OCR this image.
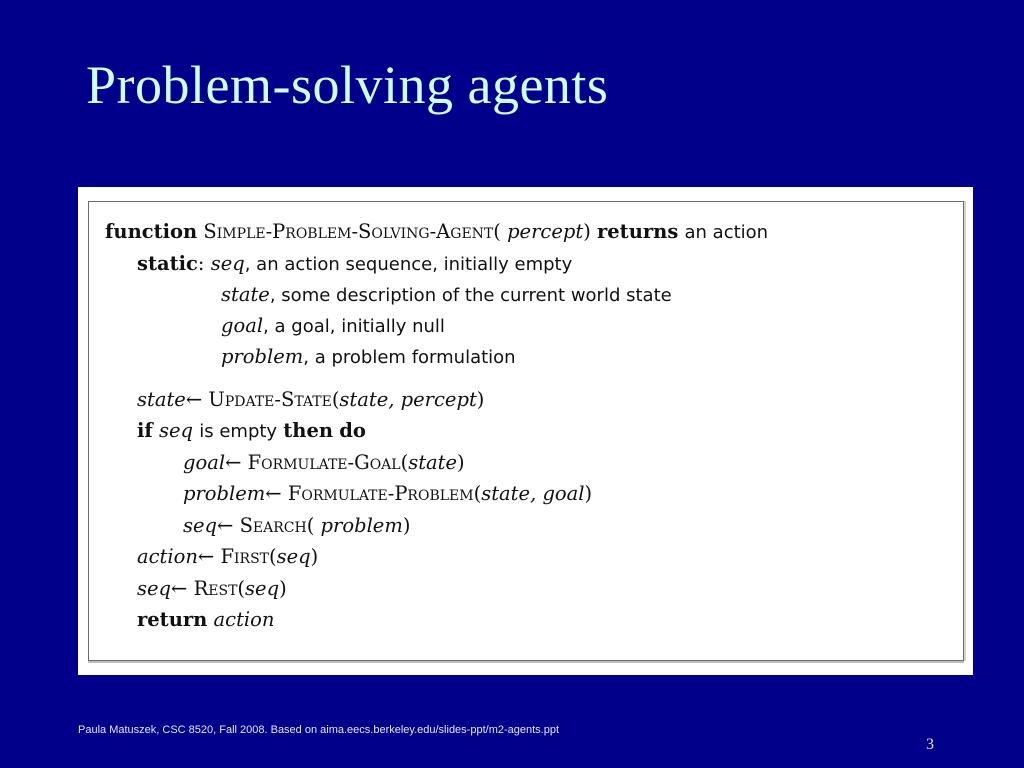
Problem-solving agents
function Simple-Problem-Solving-Agent( percept) returns an action
static: seq, an action sequence, initially empty
state, some description of the current world state
goal, a goal, initially null
problem, a problem formulation
state← Update-State(state, percept)
if seq is empty then do
goal← Formulate-Goal(state)
problem← Formulate-Problem(state, goal)
seq← Search( problem)
action← First(seq)
seq← Rest(seq)
return action
Paula Matuszek, CSC 8520, Fall 2008. Based on aima.eecs.berkeley.edu/slides-ppt/m2-agents.ppt
3
